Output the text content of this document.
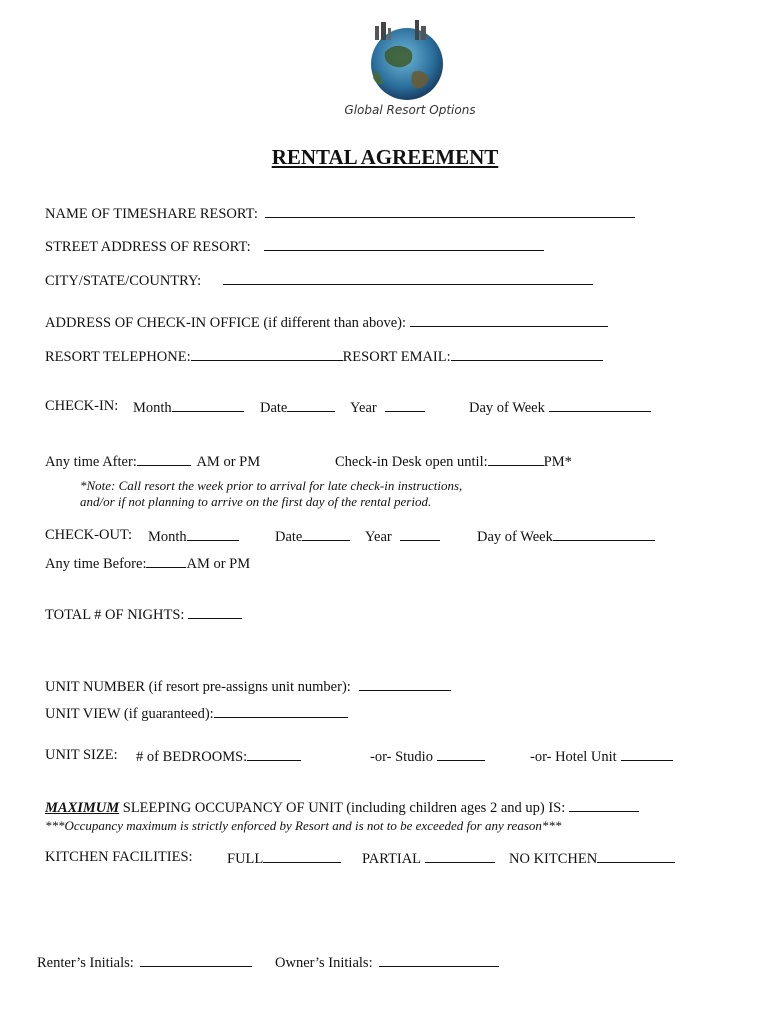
Global Resort Options
RENTAL AGREEMENT
NAME OF TIMESHARE RESORT:
STREET ADDRESS OF RESORT:
CITY/STATE/COUNTRY:
ADDRESS OF CHECK-IN OFFICE (if different than above):
RESORT TELEPHONE:	RESORT EMAIL:
CHECK-IN: Month	Date	Year	Day of Week
Any time After:	AM or PM	Check-in Desk open until:	PM*
*Note: Call resort the week prior to arrival for late check-in instructions,
and/or if not planning to arrive on the first day of the rental period.
CHECK-OUT: Month	Date	Year	Day of Week
Any time Before:	AM or PM
TOTAL # OF NIGHTS:
UNIT NUMBER (if resort pre-assigns unit number):
UNIT VIEW (if guaranteed):
UNIT SIZE: # of BEDROOMS:	-or- Studio	-or- Hotel Unit
MAXIMUM SLEEPING OCCUPANCY OF UNIT (including children ages 2 and up) IS:
***Occupancy maximum is strictly enforced by Resort and is not to be exceeded for any reason***
KITCHEN FACILITIES: FULL	PARTIAL	NO KITCHEN
Renter’s Initials:	Owner’s Initials:
